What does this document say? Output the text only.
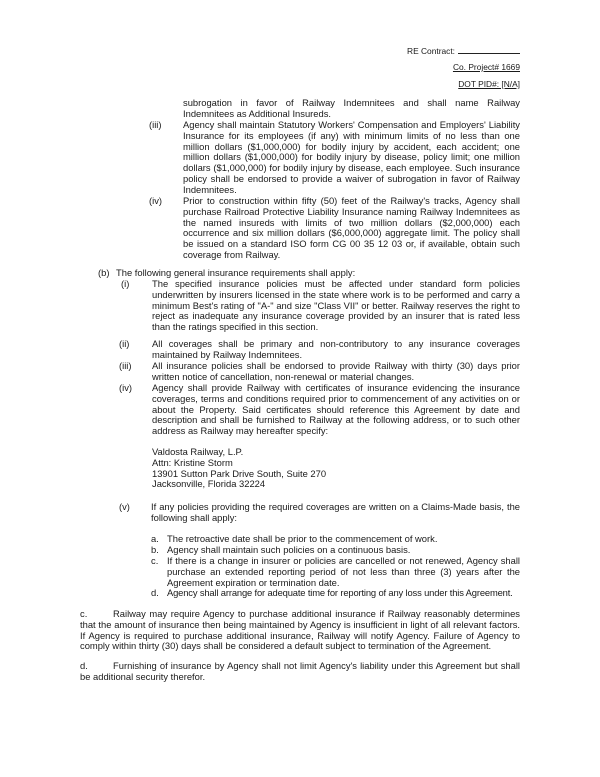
RE Contract:
Co. Project# 1669
DOT PID#: [N/A]
subrogation in favor of Railway Indemnitees and shall name Railway Indemnitees as Additional Insureds.
(iii) Agency shall maintain Statutory Workers' Compensation and Employers' Liability Insurance for its employees (if any) with minimum limits of no less than one million dollars ($1,000,000) for bodily injury by accident, each accident; one million dollars ($1,000,000) for bodily injury by disease, policy limit; one million dollars ($1,000,000) for bodily injury by disease, each employee. Such insurance policy shall be endorsed to provide a waiver of subrogation in favor of Railway Indemnitees.
(iv) Prior to construction within fifty (50) feet of the Railway's tracks, Agency shall purchase Railroad Protective Liability Insurance naming Railway Indemnitees as the named insureds with limits of two million dollars ($2,000,000) each occurrence and six million dollars ($6,000,000) aggregate limit. The policy shall be issued on a standard ISO form CG 00 35 12 03 or, if available, obtain such coverage from Railway.
(b) The following general insurance requirements shall apply:
(i) The specified insurance policies must be affected under standard form policies underwritten by insurers licensed in the state where work is to be performed and carry a minimum Best's rating of "A-" and size "Class VII" or better. Railway reserves the right to reject as inadequate any insurance coverage provided by an insurer that is rated less than the ratings specified in this section.
(ii) All coverages shall be primary and non-contributory to any insurance coverages maintained by Railway Indemnitees.
(iii) All insurance policies shall be endorsed to provide Railway with thirty (30) days prior written notice of cancellation, non-renewal or material changes.
(iv) Agency shall provide Railway with certificates of insurance evidencing the insurance coverages, terms and conditions required prior to commencement of any activities on or about the Property. Said certificates should reference this Agreement by date and description and shall be furnished to Railway at the following address, or to such other address as Railway may hereafter specify:
Valdosta Railway, L.P.
Attn: Kristine Storm
13901 Sutton Park Drive South, Suite 270
Jacksonville, Florida 32224
(v) If any policies providing the required coverages are written on a Claims-Made basis, the following shall apply:
a. The retroactive date shall be prior to the commencement of work.
b. Agency shall maintain such policies on a continuous basis.
c. If there is a change in insurer or policies are cancelled or not renewed, Agency shall purchase an extended reporting period of not less than three (3) years after the Agreement expiration or termination date.
d. Agency shall arrange for adequate time for reporting of any loss under this Agreement.
c.	Railway may require Agency to purchase additional insurance if Railway reasonably determines that the amount of insurance then being maintained by Agency is insufficient in light of all relevant factors. If Agency is required to purchase additional insurance, Railway will notify Agency. Failure of Agency to comply within thirty (30) days shall be considered a default subject to termination of the Agreement.
d.	Furnishing of insurance by Agency shall not limit Agency's liability under this Agreement but shall be additional security therefor.
